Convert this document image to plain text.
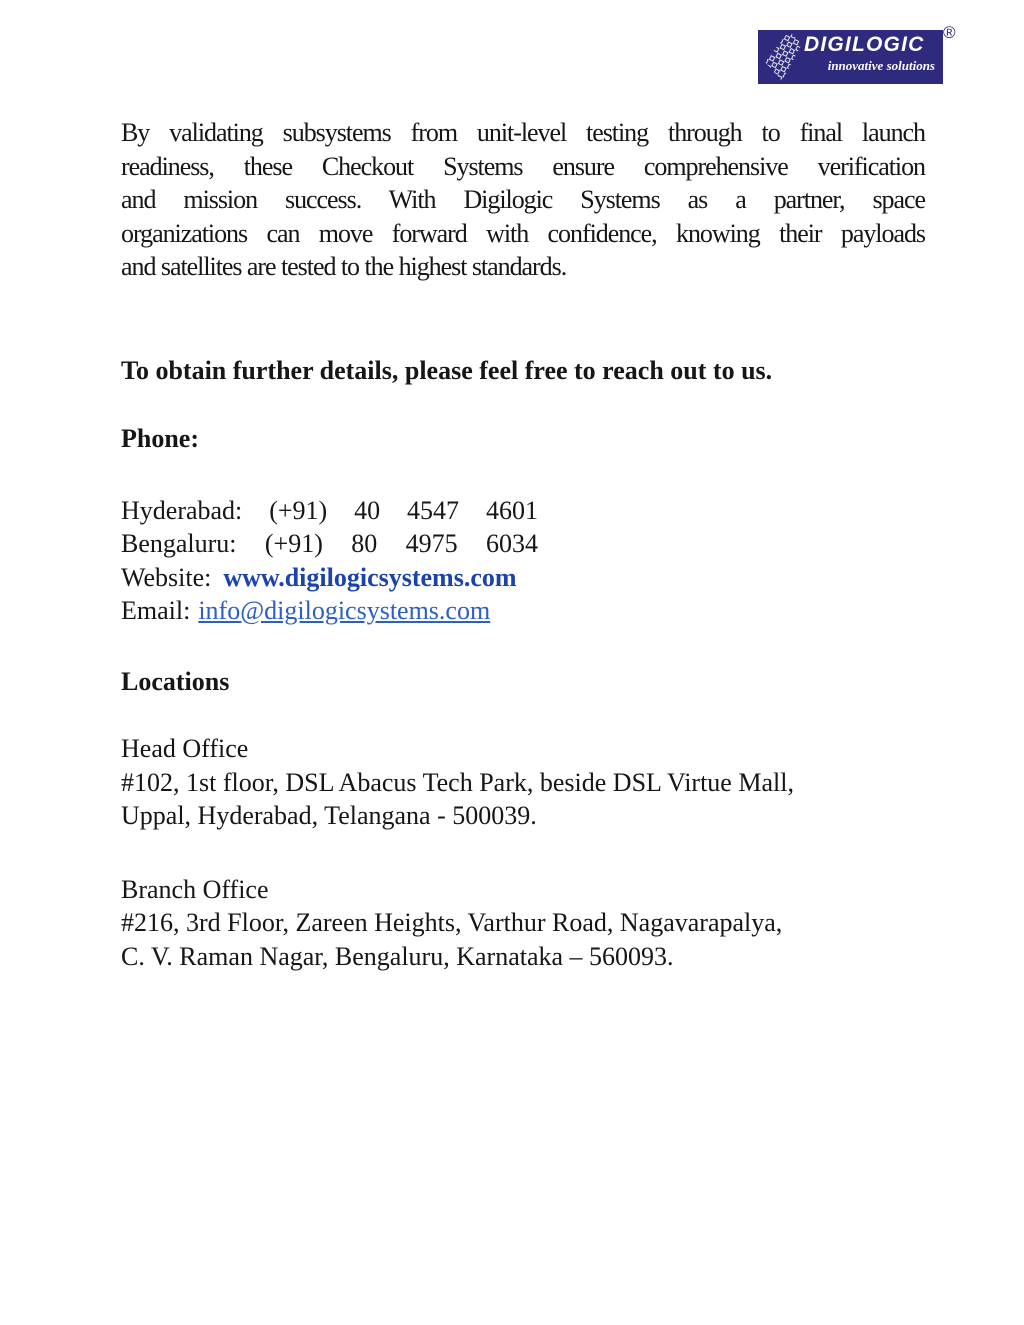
DIGILOGIC
innovative solutions
®
By validating subsystems from unit-level testing through to final launch
readiness, these Checkout Systems ensure comprehensive verification
and mission success. With Digilogic Systems as a partner, space
organizations can move forward with confidence, knowing their payloads
and satellites are tested to the highest standards.
To obtain further details, please feel free to reach out to us.
Phone:
Hyderabad: (+91) 40 4547 4601
Bengaluru: (+91) 80 4975 6034
Website: www.digilogicsystems.com
Email: info@digilogicsystems.com
Locations
Head Office
#102, 1st floor, DSL Abacus Tech Park, beside DSL Virtue Mall,
Uppal, Hyderabad, Telangana - 500039.
Branch Office
#216, 3rd Floor, Zareen Heights, Varthur Road, Nagavarapalya,
C. V. Raman Nagar, Bengaluru, Karnataka – 560093.
